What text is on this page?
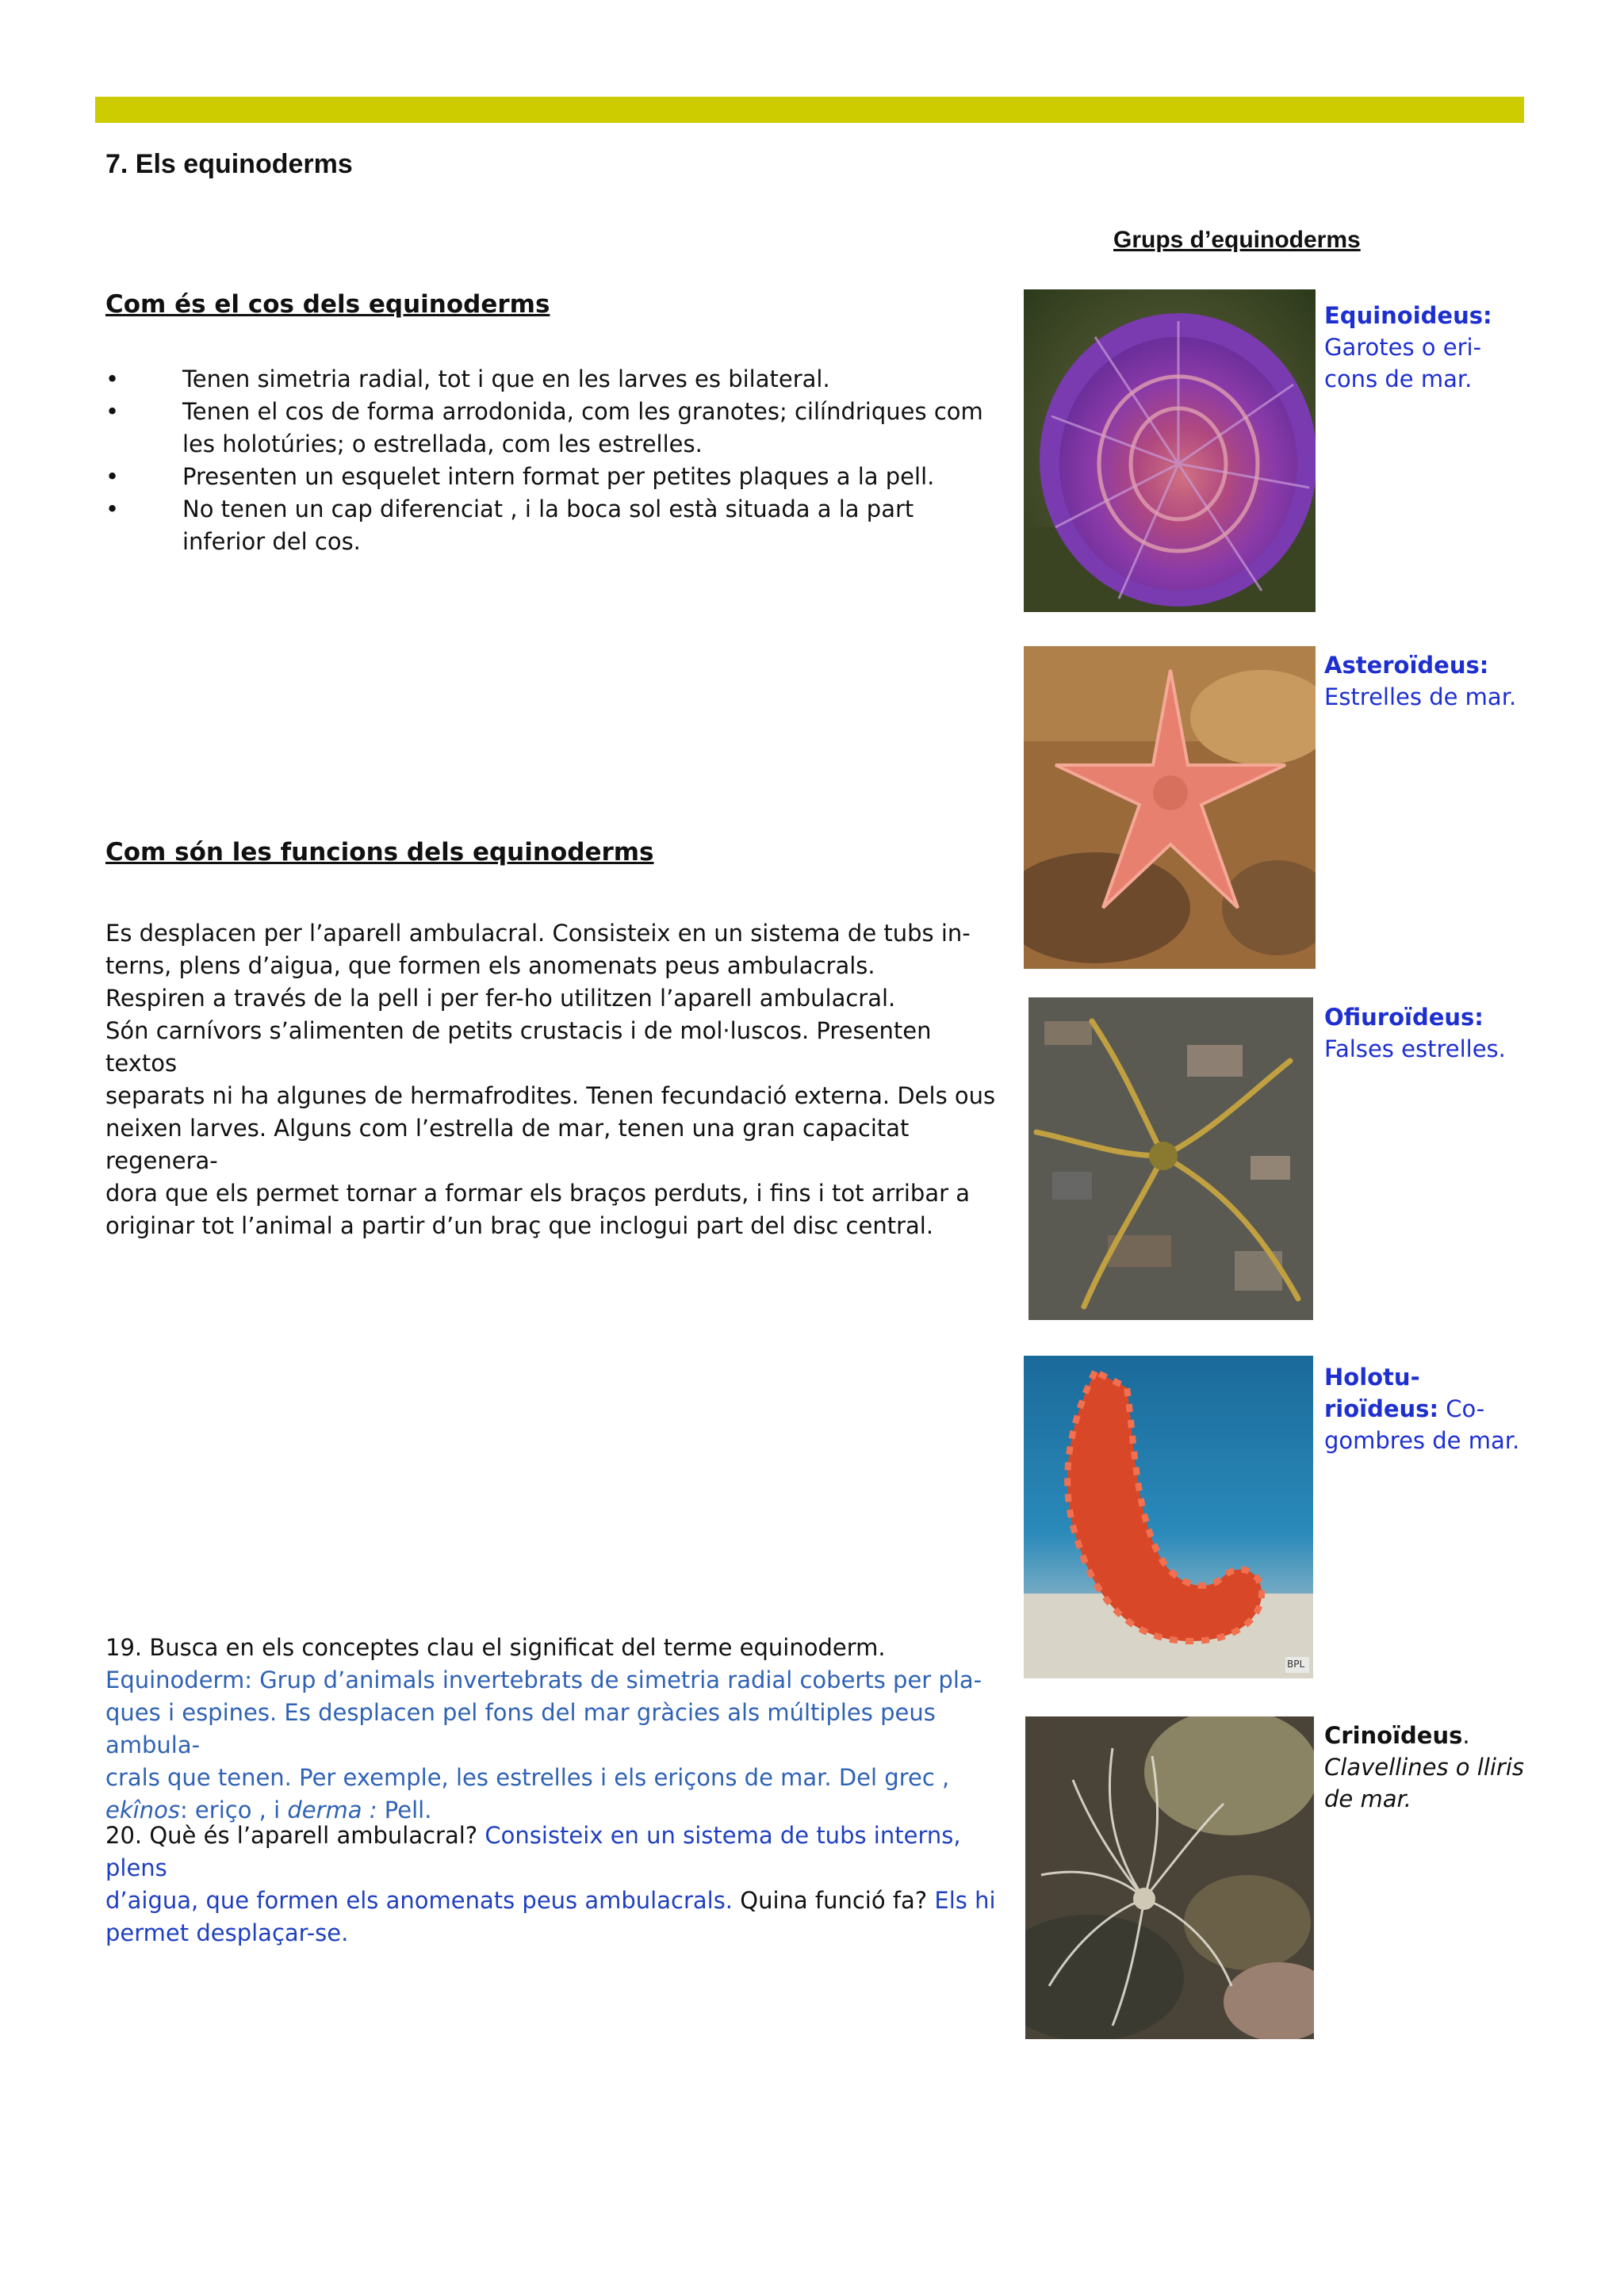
7. Els equinoderms
Grups d’equinoderms
Com és el cos dels equinoderms
•	Tenen simetria radial, tot i que en les larves es bilateral.
•	Tenen el cos de forma arrodonida, com les granotes; cilíndriques com les holotúries; o estrellada, com les estrelles.
•	Presenten un esquelet intern format per petites plaques a la pell.
•	No tenen un cap diferenciat , i la boca sol està situada a la part inferior del cos.
Com són les funcions dels equinoderms

Es desplacen per l’aparell ambulacral. Consisteix en un sistema de tubs in-

terns, plens d’aigua, que formen els anomenats peus ambulacrals.

Respiren a través de la pell i per fer-ho utilitzen l’aparell ambulacral.

Són carnívors s’alimenten de petits crustacis i de mol·luscos. Presenten textos

separats ni ha algunes de hermafrodites. Tenen fecundació externa. Dels ous

neixen larves. Alguns com l’estrella de mar, tenen una gran capacitat regenera-

dora que els permet tornar a formar els braços perduts, i fins i tot arribar a

originar tot l’animal a partir d’un braç que inclogui part del disc central.

19. Busca en els conceptes clau el significat del terme equinoderm.

Equinoderm: Grup d’animals invertebrats de simetria radial coberts per pla-

ques i espines. Es desplacen pel fons del mar gràcies als múltiples peus ambula-

crals que tenen. Per exemple, les estrelles i els eriçons de mar. Del grec ,

ekînos: eriço , i derma : Pell.

20. Què és l’aparell ambulacral? Consisteix en un sistema de tubs interns, plens

d’aigua, que formen els anomenats peus ambulacrals. Quina funció fa? Els hi

permet desplaçar-se.

BPL
Equinoideus:
Garotes o eri-
cons de mar.
Asteroïdeus:
Estrelles de mar.
Ofiuroïdeus:
Falses estrelles.
Holotu-
rioïdeus: Co-
gombres de mar.
Crinoïdeus.
Clavellines o lliris
de mar.
